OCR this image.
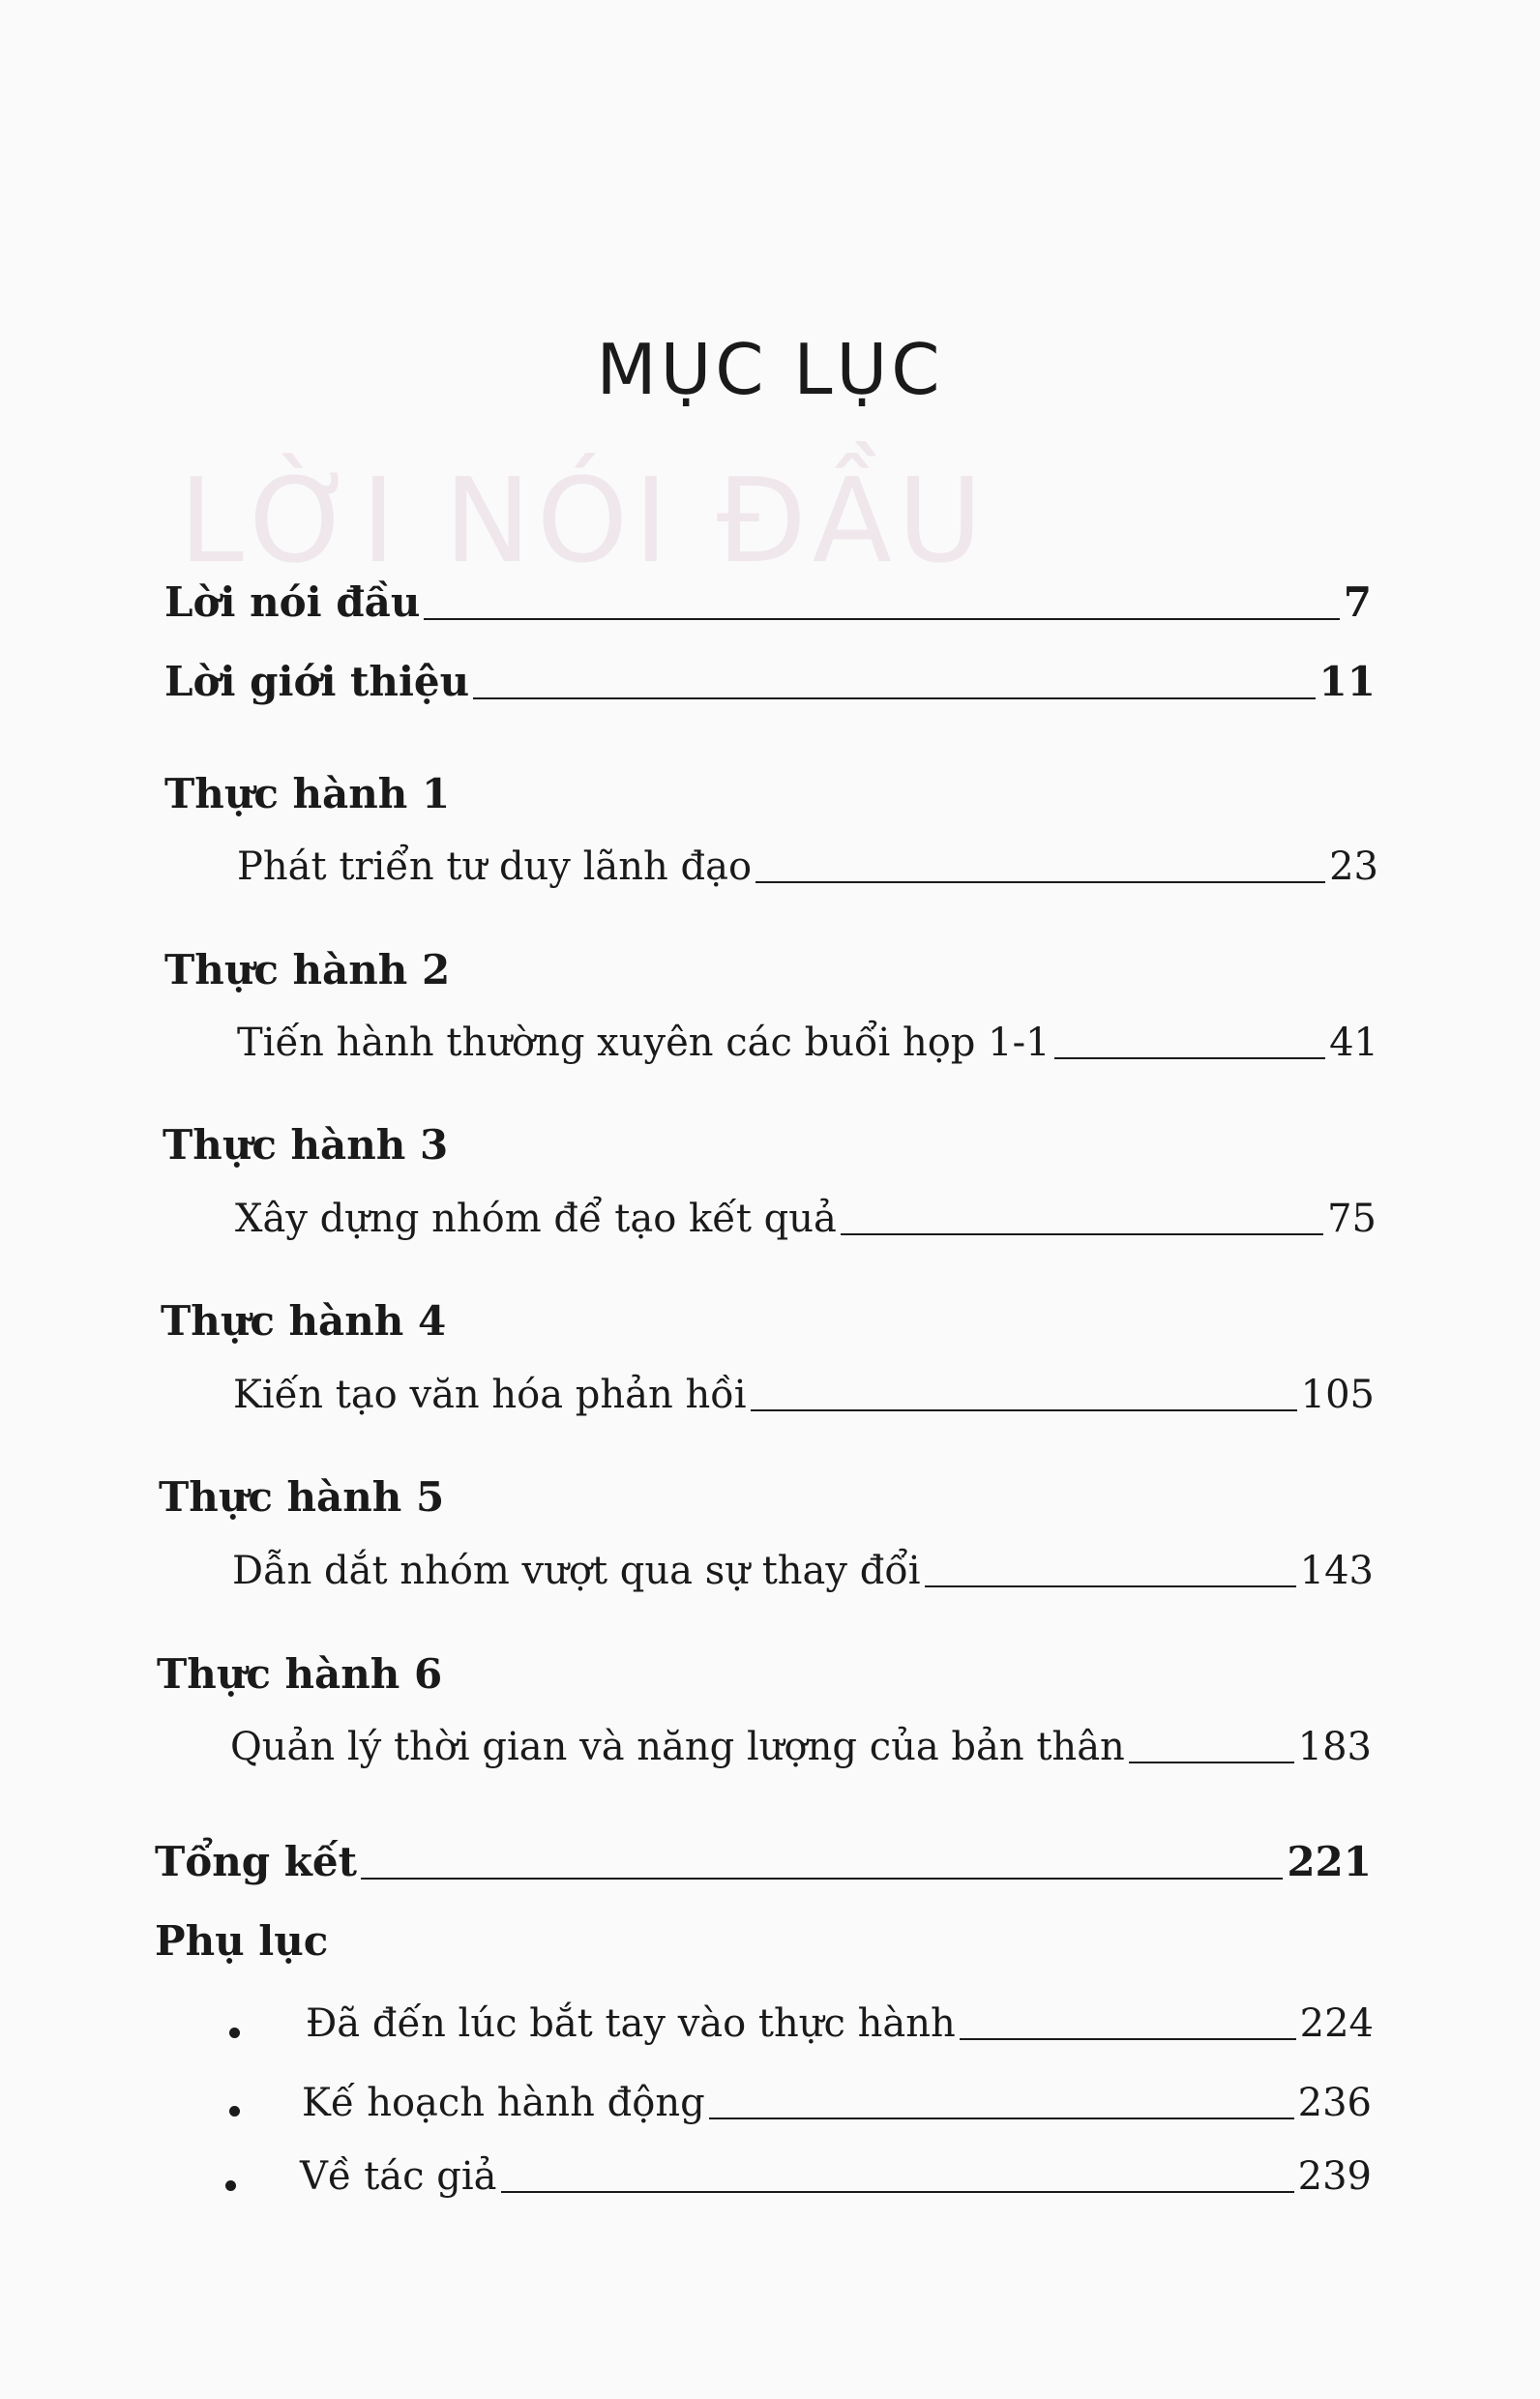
LỜI NÓI ĐẦU
MỤC LỤC
Lời nói đầu	7
Lời giới thiệu	11
Thực hành 1
Phát triển tư duy lãnh đạo	23
Thực hành 2
Tiến hành thường xuyên các buổi họp 1-1	41
Thực hành 3
Xây dựng nhóm để tạo kết quả	75
Thực hành 4
Kiến tạo văn hóa phản hồi	105
Thực hành 5
Dẫn dắt nhóm vượt qua sự thay đổi	143
Thực hành 6
Quản lý thời gian và năng lượng của bản thân	183
Tổng kết	221
Phụ lục
Đã đến lúc bắt tay vào thực hành	224
Kế hoạch hành động	236
Về tác giả	239
